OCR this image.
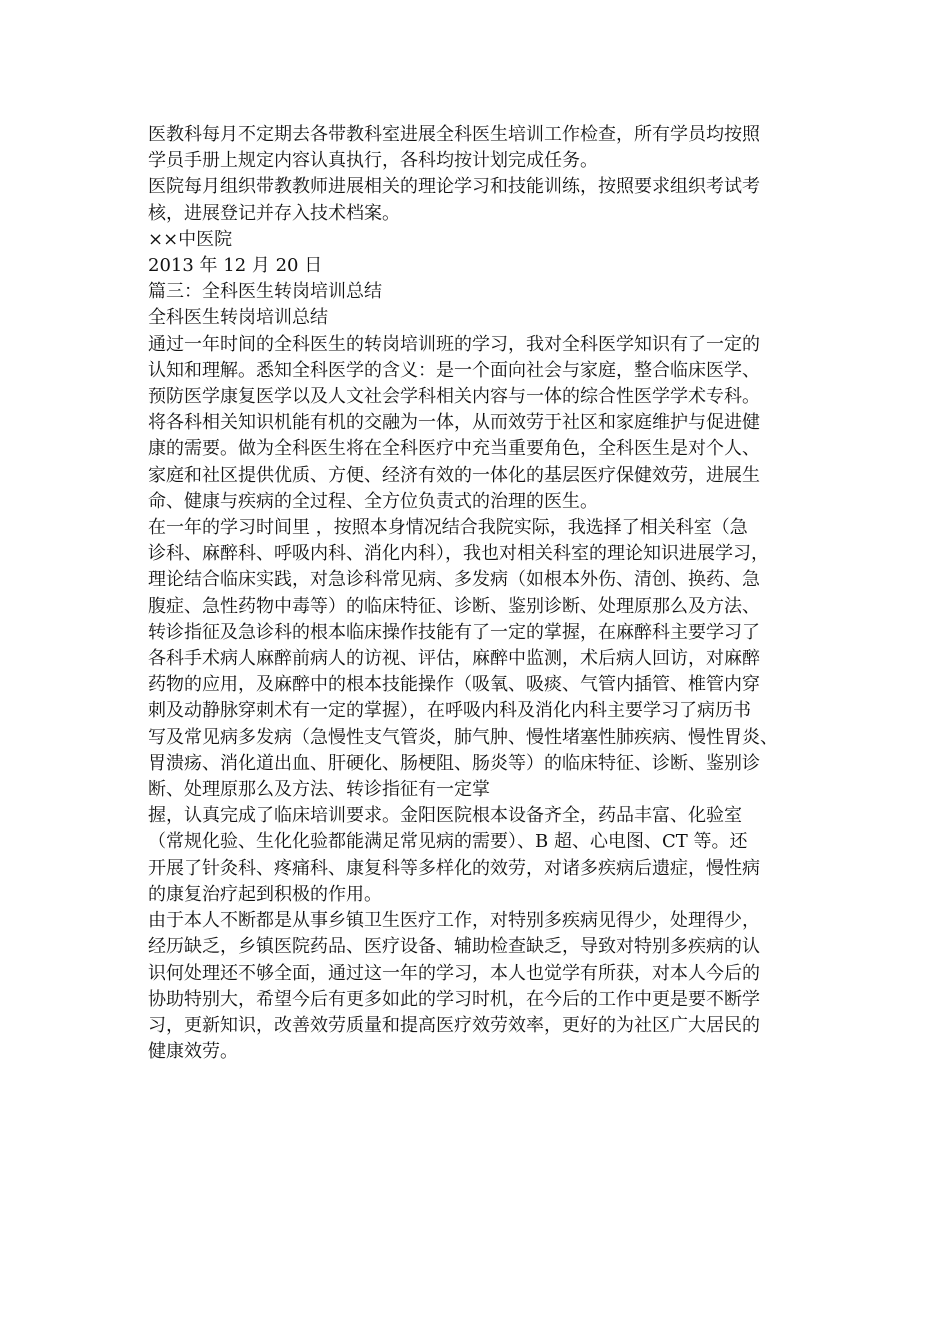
医教科每月不定期去各带教科室进展全科医生培训工作检查，所有学员均按照

学员手册上规定内容认真执行，各科均按计划完成任务。

医院每月组织带教教师进展相关的理论学习和技能训练，按照要求组织考试考

核，进展登记并存入技术档案。

××中医院

2013 年 12 月 20 日

篇三：全科医生转岗培训总结

全科医生转岗培训总结

通过一年时间的全科医生的转岗培训班的学习，我对全科医学知识有了一定的

认知和理解。悉知全科医学的含义：是一个面向社会与家庭，整合临床医学、

预防医学康复医学以及人文社会学科相关内容与一体的综合性医学学术专科。

将各科相关知识机能有机的交融为一体，从而效劳于社区和家庭维护与促进健

康的需要。做为全科医生将在全科医疗中充当重要角色，全科医生是对个人、

家庭和社区提供优质、方便、经济有效的一体化的基层医疗保健效劳，进展生

命、健康与疾病的全过程、全方位负责式的治理的医生。

在一年的学习时间里 ，按照本身情况结合我院实际，我选择了相关科室（急

诊科、麻醉科、呼吸内科、消化内科），我也对相关科室的理论知识进展学习，

理论结合临床实践，对急诊科常见病、多发病（如根本外伤、清创、换药、急

腹症、急性药物中毒等）的临床特征、诊断、鉴别诊断、处理原那么及方法、

转诊指征及急诊科的根本临床操作技能有了一定的掌握，在麻醉科主要学习了

各科手术病人麻醉前病人的访视、评估，麻醉中监测，术后病人回访，对麻醉

药物的应用，及麻醉中的根本技能操作（吸氧、吸痰、气管内插管、椎管内穿

刺及动静脉穿刺术有一定的掌握），在呼吸内科及消化内科主要学习了病历书

写及常见病多发病（急慢性支气管炎，肺气肿、慢性堵塞性肺疾病、慢性胃炎、

胃溃疡、消化道出血、肝硬化、肠梗阻、肠炎等）的临床特征、诊断、鉴别诊

断、处理原那么及方法、转诊指征有一定掌

握，认真完成了临床培训要求。金阳医院根本设备齐全，药品丰富、化验室

（常规化验、生化化验都能满足常见病的需要）、B 超、心电图、CT 等。还

开展了针灸科、疼痛科、康复科等多样化的效劳，对诸多疾病后遗症，慢性病

的康复治疗起到积极的作用。

由于本人不断都是从事乡镇卫生医疗工作，对特别多疾病见得少，处理得少，

经历缺乏，乡镇医院药品、医疗设备、辅助检查缺乏，导致对特别多疾病的认

识何处理还不够全面，通过这一年的学习，本人也觉学有所获，对本人今后的

协助特别大，希望今后有更多如此的学习时机，在今后的工作中更是要不断学

习，更新知识，改善效劳质量和提高医疗效劳效率，更好的为社区广大居民的

健康效劳。
